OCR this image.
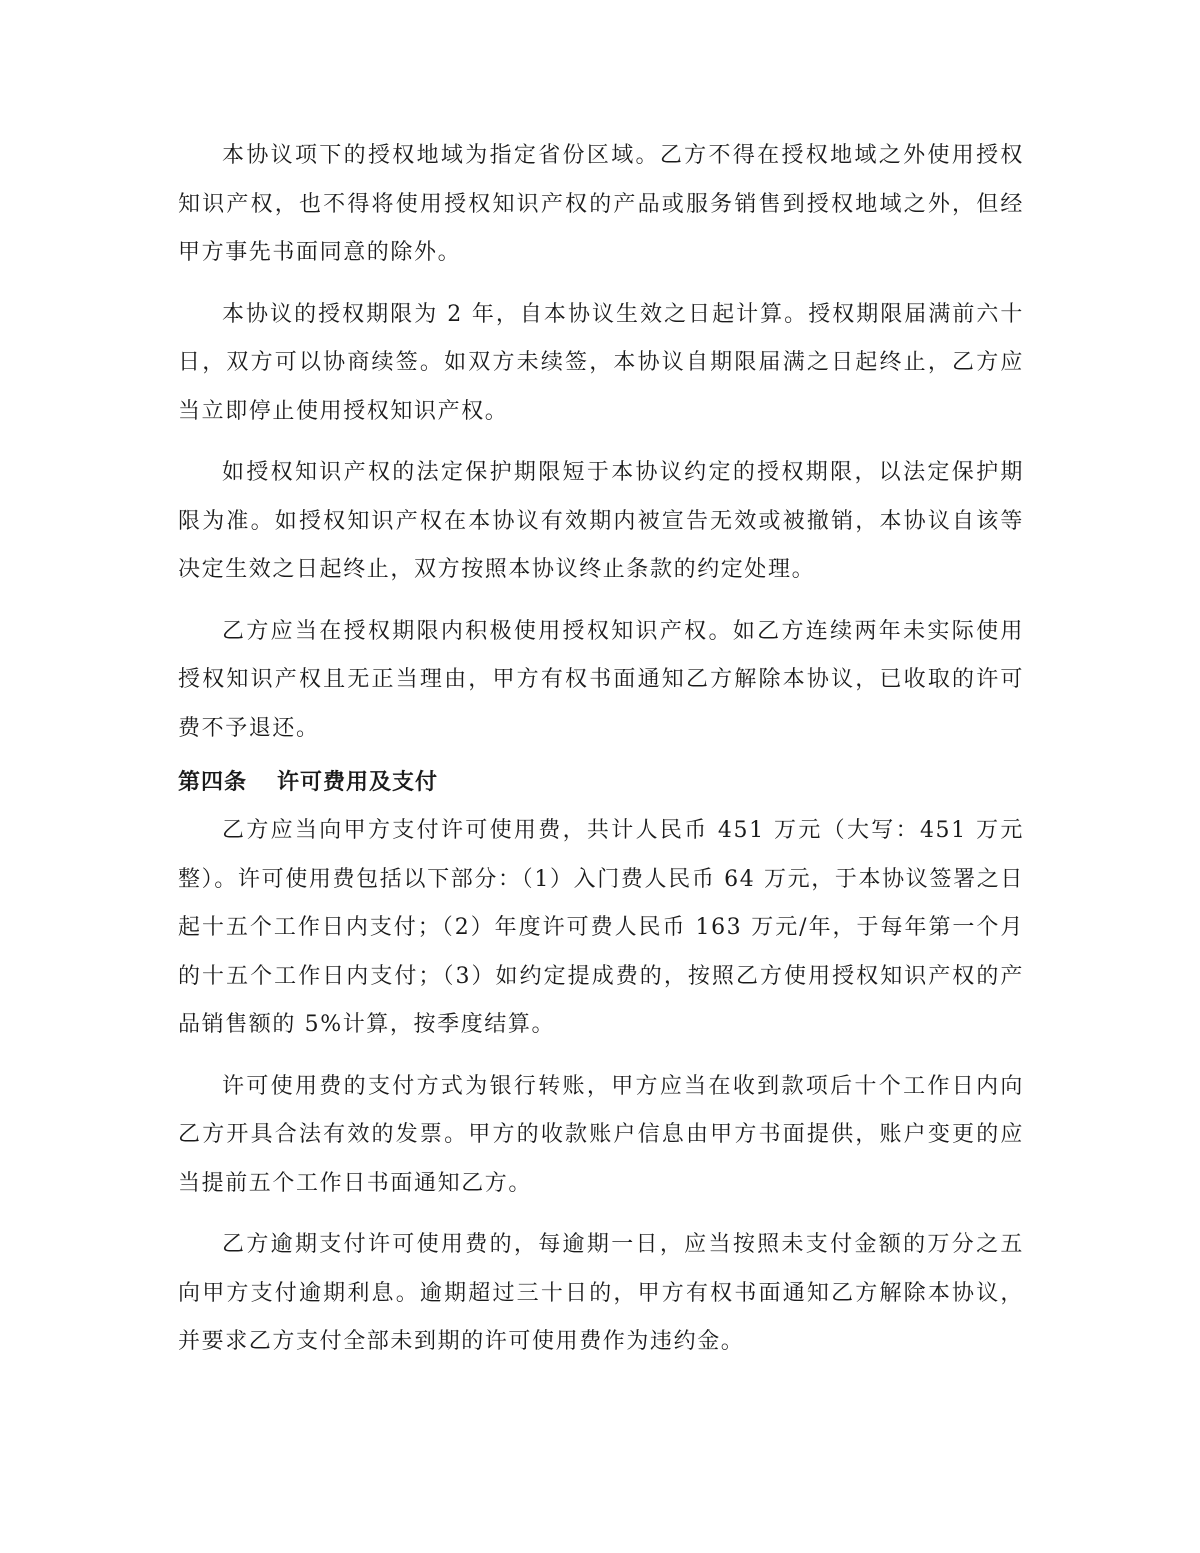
本协议项下的授权地域为指定省份区域。乙方不得在授权地域之外使用授权知识产权，也不得将使用授权知识产权的产品或服务销售到授权地域之外，但经甲方事先书面同意的除外。

本协议的授权期限为 2 年，自本协议生效之日起计算。授权期限届满前六十日，双方可以协商续签。如双方未续签，本协议自期限届满之日起终止，乙方应当立即停止使用授权知识产权。

如授权知识产权的法定保护期限短于本协议约定的授权期限，以法定保护期限为准。如授权知识产权在本协议有效期内被宣告无效或被撤销，本协议自该等决定生效之日起终止，双方按照本协议终止条款的约定处理。

乙方应当在授权期限内积极使用授权知识产权。如乙方连续两年未实际使用授权知识产权且无正当理由，甲方有权书面通知乙方解除本协议，已收取的许可费不予退还。

第四条 许可费用及支付

乙方应当向甲方支付许可使用费，共计人民币 451 万元（大写：451 万元整）。许可使用费包括以下部分：（1）入门费人民币 64 万元，于本协议签署之日起十五个工作日内支付；（2）年度许可费人民币 163 万元/年，于每年第一个月的十五个工作日内支付；（3）如约定提成费的，按照乙方使用授权知识产权的产品销售额的 5%计算，按季度结算。

许可使用费的支付方式为银行转账，甲方应当在收到款项后十个工作日内向乙方开具合法有效的发票。甲方的收款账户信息由甲方书面提供，账户变更的应当提前五个工作日书面通知乙方。

乙方逾期支付许可使用费的，每逾期一日，应当按照未支付金额的万分之五向甲方支付逾期利息。逾期超过三十日的，甲方有权书面通知乙方解除本协议，并要求乙方支付全部未到期的许可使用费作为违约金。
